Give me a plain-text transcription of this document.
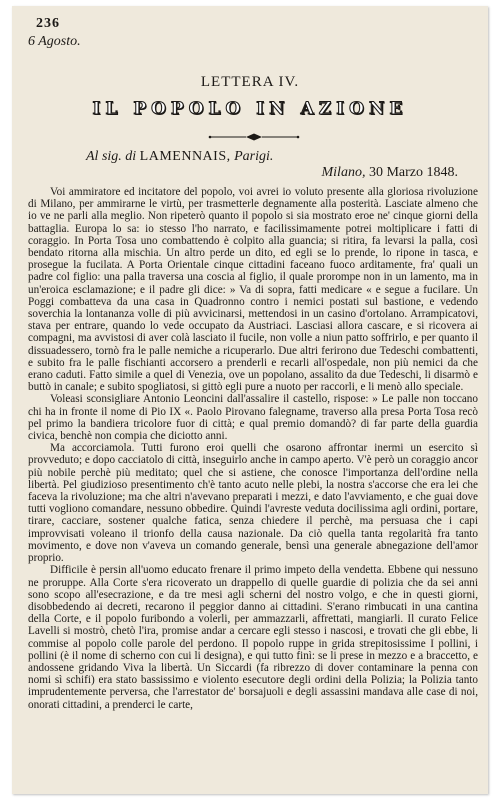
236
6 Agosto.
LETTERA IV.
IL POPOLO IN AZIONE
Al sig. di LAMENNAIS, Parigi.
Milano, 30 Marzo 1848.

Voi ammiratore ed incitatore del popolo, voi avrei io voluto presente alla gloriosa rivoluzione di Milano, per ammirarne le virtù, per trasmetterle degnamente alla posterità. Lasciate almeno che io ve ne parli alla meglio. Non ripeterò quanto il popolo si sia mostrato eroe ne' cinque giorni della battaglia. Europa lo sa: io stesso l'ho narrato, e facilissimamente potrei moltiplicare i fatti di coraggio. In Porta Tosa uno combattendo è colpito alla guancia; si ritira, fa levarsi la palla, così bendato ritorna alla mischia. Un altro perde un dito, ed egli se lo prende, lo ripone in tasca, e prosegue la fucilata. A Porta Orientale cinque cittadini faceano fuoco arditamente, fra' quali un padre col figlio: una palla traversa una coscia al figlio, il quale prorompe non in un lamento, ma in un'eroica esclamazione; e il padre gli dice: » Va di sopra, fatti medicare « e segue a fucilare. Un Poggi combatteva da una casa in Quadronno contro i nemici postati sul bastione, e vedendo soverchia la lontananza volle di più avvicinarsi, mettendosi in un casino d'ortolano. Arrampicatovi, stava per entrare, quando lo vede occupato da Austriaci. Lasciasi allora cascare, e si ricovera ai compagni, ma avvistosi di aver colà lasciato il fucile, non volle a niun patto soffrirlo, e per quanto il dissuadessero, tornò fra le palle nemiche a ricuperarlo. Due altri ferirono due Tedeschi combattenti, e subito fra le palle fischianti accorsero a prenderli e recarli all'ospedale, non più nemici da che erano caduti. Fatto simile a quel di Venezia, ove un popolano, assalito da due Tedeschi, li disarmò e buttò in canale; e subito spogliatosi, si gittò egli pure a nuoto per raccorli, e li menò allo speciale.

Voleasi sconsigliare Antonio Leoncini dall'assalire il castello, rispose: » Le palle non toccano chi ha in fronte il nome di Pio IX «. Paolo Pirovano falegname, traverso alla presa Porta Tosa recò pel primo la bandiera tricolore fuor di città; e qual premio domandò? di far parte della guardia civica, benchè non compia che diciotto anni.

Ma accorciamola. Tutti furono eroi quelli che osarono affrontar inermi un esercito sì provveduto; e dopo cacciatolo di città, inseguirlo anche in campo aperto. V'è però un coraggio ancor più nobile perchè più meditato; quel che si astiene, che conosce l'importanza dell'ordine nella libertà. Pel giudizioso presentimento ch'è tanto acuto nelle plebi, la nostra s'accorse che era lei che faceva la rivoluzione; ma che altri n'avevano preparati i mezzi, e dato l'avviamento, e che guai dove tutti vogliono comandare, nessuno obbedire. Quindi l'avreste veduta docilissima agli ordini, portare, tirare, cacciare, sostener qualche fatica, senza chiedere il perchè, ma persuasa che i capi improvvisati voleano il trionfo della causa nazionale. Da ciò quella tanta regolarità fra tanto movimento, e dove non v'aveva un comando generale, bensì una generale abnegazione dell'amor proprio.

Difficile è persin all'uomo educato frenare il primo impeto della vendetta. Ebbene qui nessuno ne proruppe. Alla Corte s'era ricoverato un drappello di quelle guardie di polizia che da sei anni sono scopo all'esecrazione, e da tre mesi agli scherni del nostro volgo, e che in questi giorni, disobbedendo ai decreti, recarono il peggior danno ai cittadini. S'erano rimbucati in una cantina della Corte, e il popolo furibondo a volerli, per ammazzarli, affrettati, mangiarli. Il curato Felice Lavelli si mostrò, chetò l'ira, promise andar a cercare egli stesso i nascosi, e trovati che gli ebbe, li commise al popolo colle parole del perdono. Il popolo ruppe in grida strepitosissime I pollini, i pollini (è il nome di scherno con cui li designa), e qui tutto finì: se li prese in mezzo e a braccetto, e andossene gridando Viva la libertà. Un Siccardi (fa ribrezzo di dover contaminare la penna con nomi sì schifi) era stato bassissimo e violento esecutore degli ordini della Polizia; la Polizia tanto imprudentemente perversa, che l'arrestator de' borsajuoli e degli assassini mandava alle case di noi, onorati cittadini, a prenderci le carte,
